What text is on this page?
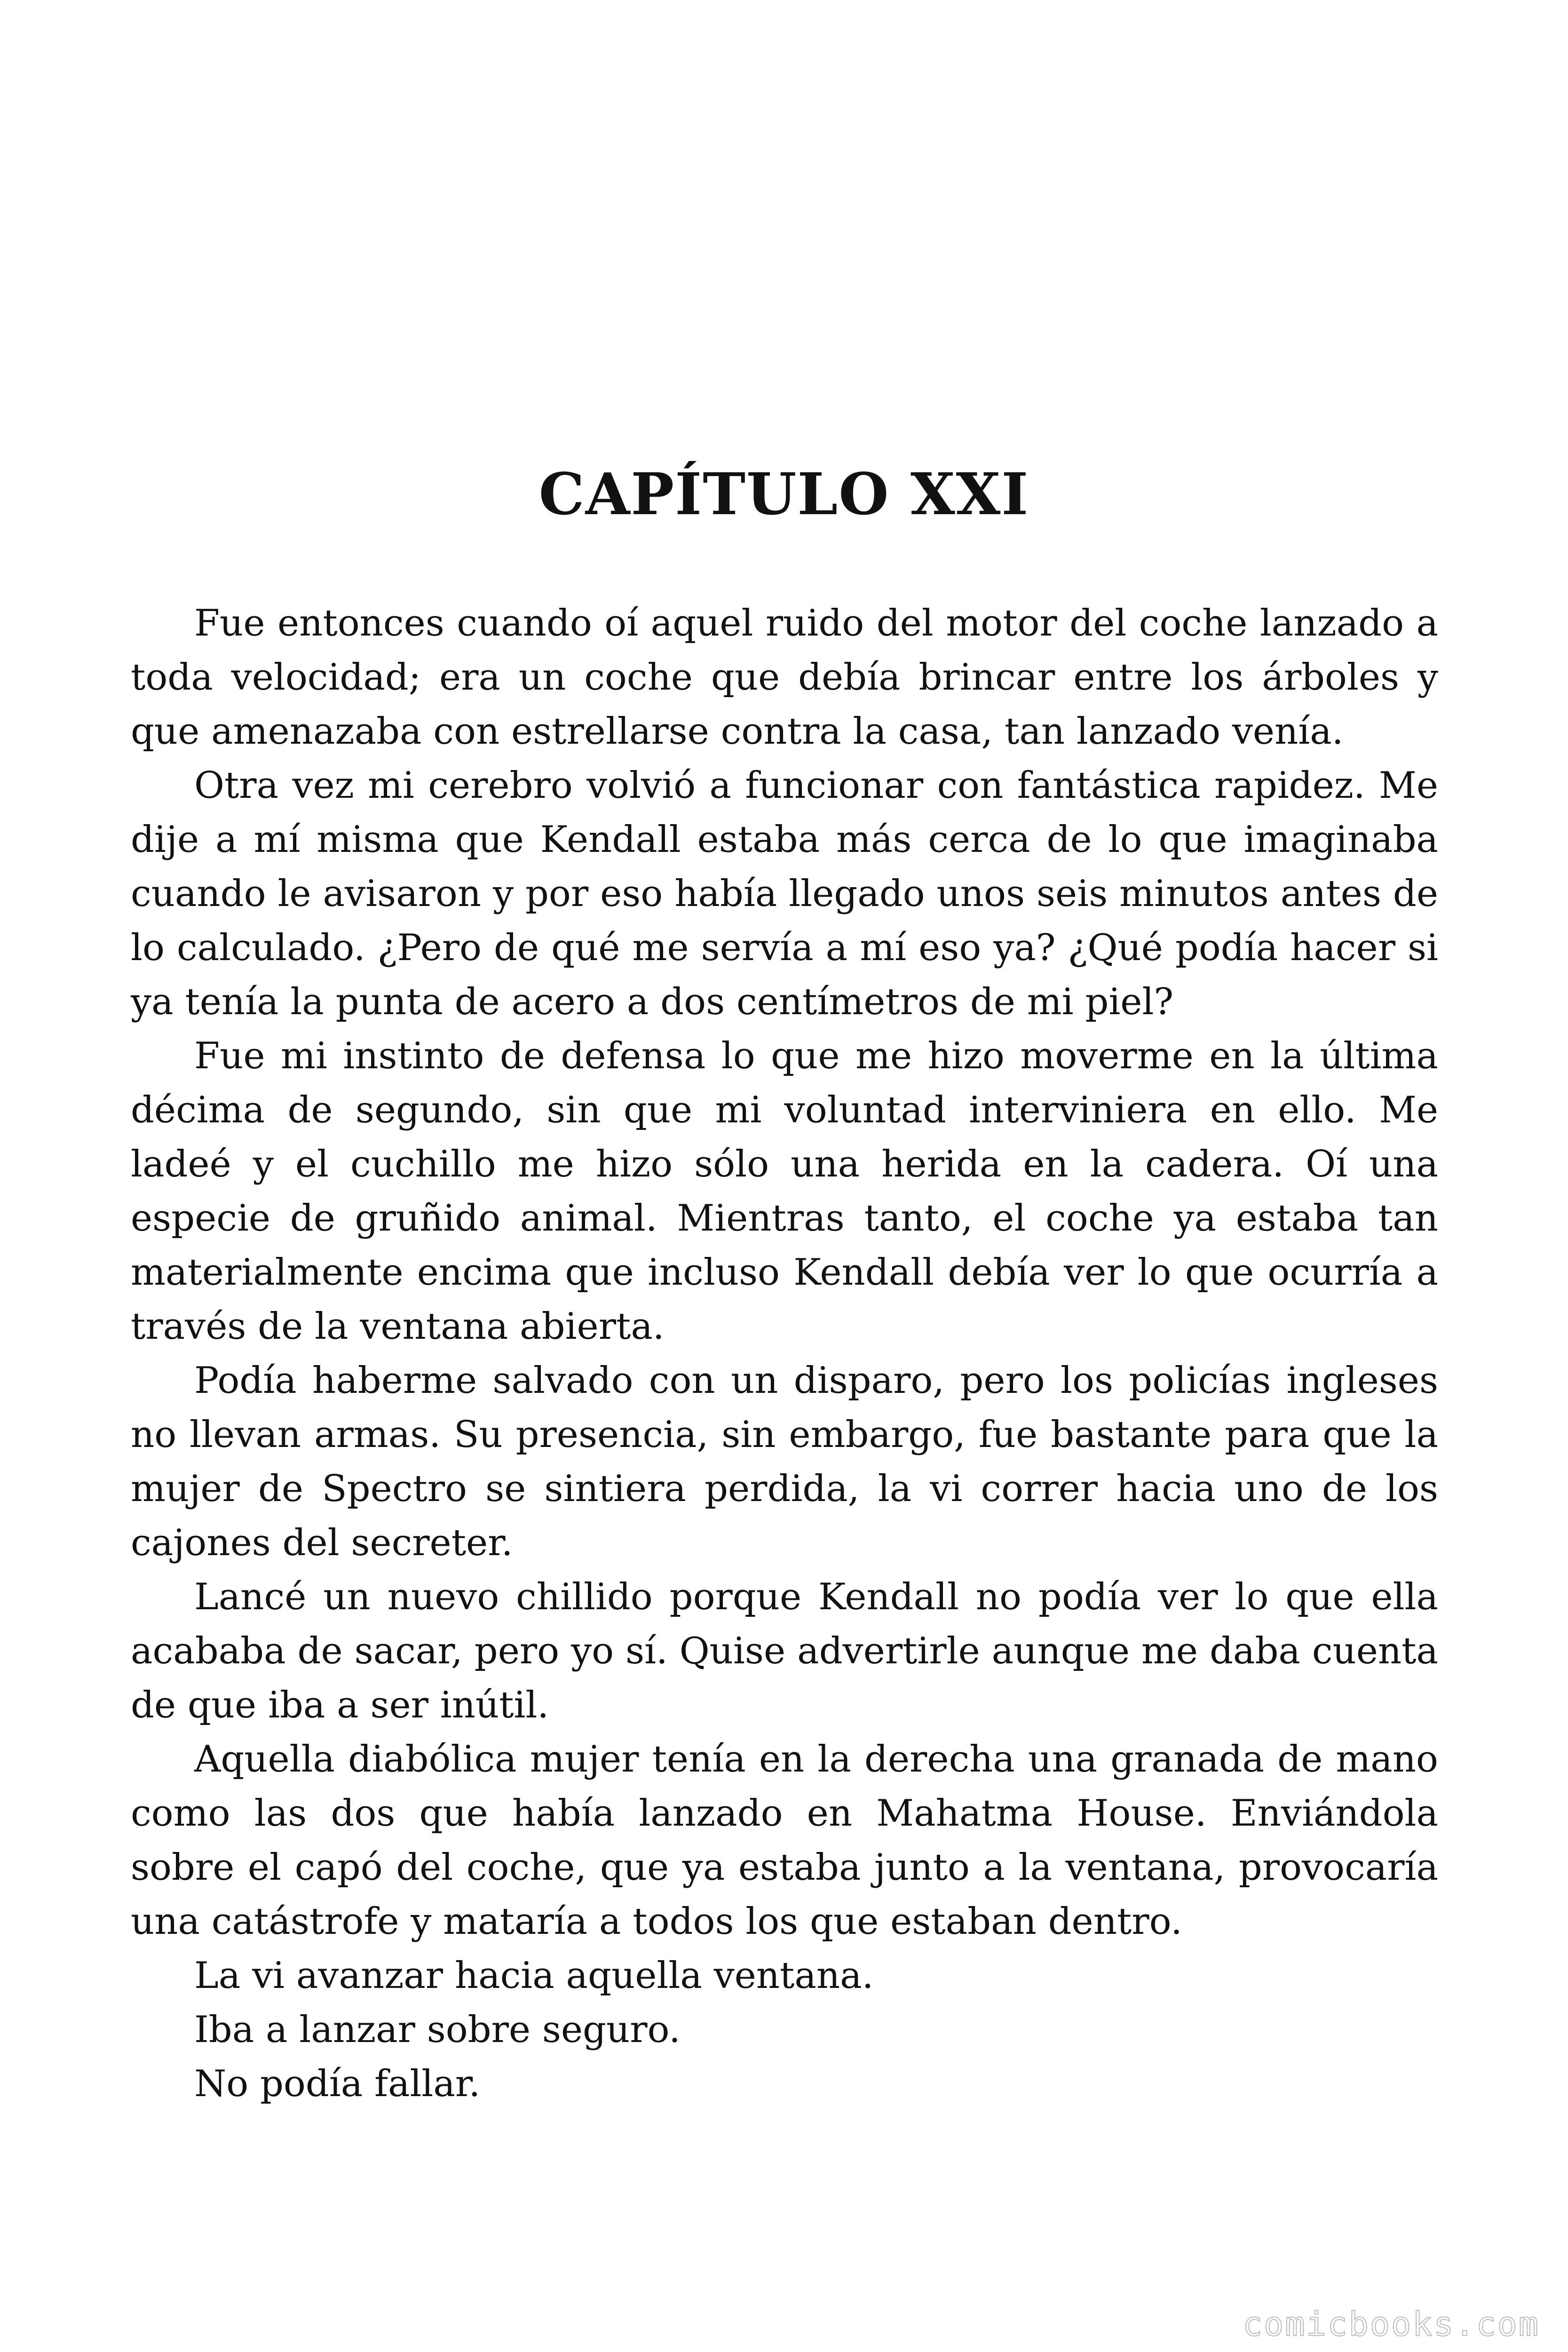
CAPÍTULO XXI

Fue entonces cuando oí aquel ruido del motor del coche lanzado a toda velocidad; era un coche que debía brincar entre los árboles y que amenazaba con estrellarse contra la casa, tan lanzado venía.

Otra vez mi cerebro volvió a funcionar con fantástica rapidez. Me dije a mí misma que Kendall estaba más cerca de lo que imaginaba cuando le avisaron y por eso había llegado unos seis minutos antes de lo calculado. ¿Pero de qué me servía a mí eso ya? ¿Qué podía hacer si ya tenía la punta de acero a dos centímetros de mi piel?

Fue mi instinto de defensa lo que me hizo moverme en la última décima de segundo, sin que mi voluntad interviniera en ello. Me ladeé y el cuchillo me hizo sólo una herida en la cadera. Oí una especie de gruñido animal. Mientras tanto, el coche ya estaba tan materialmente encima que incluso Kendall debía ver lo que ocurría a través de la ventana abierta.

Podía haberme salvado con un disparo, pero los policías ingleses no llevan armas. Su presencia, sin embargo, fue bastante para que la mujer de Spectro se sintiera perdida, la vi correr hacia uno de los cajones del secreter.

Lancé un nuevo chillido porque Kendall no podía ver lo que ella acababa de sacar, pero yo sí. Quise advertirle aunque me daba cuenta de que iba a ser inútil.

Aquella diabólica mujer tenía en la derecha una granada de mano como las dos que había lanzado en Mahatma House. Enviándola sobre el capó del coche, que ya estaba junto a la ventana, provocaría una catástrofe y mataría a todos los que estaban dentro.

La vi avanzar hacia aquella ventana.

Iba a lanzar sobre seguro.

No podía fallar.

comicbooks.com
